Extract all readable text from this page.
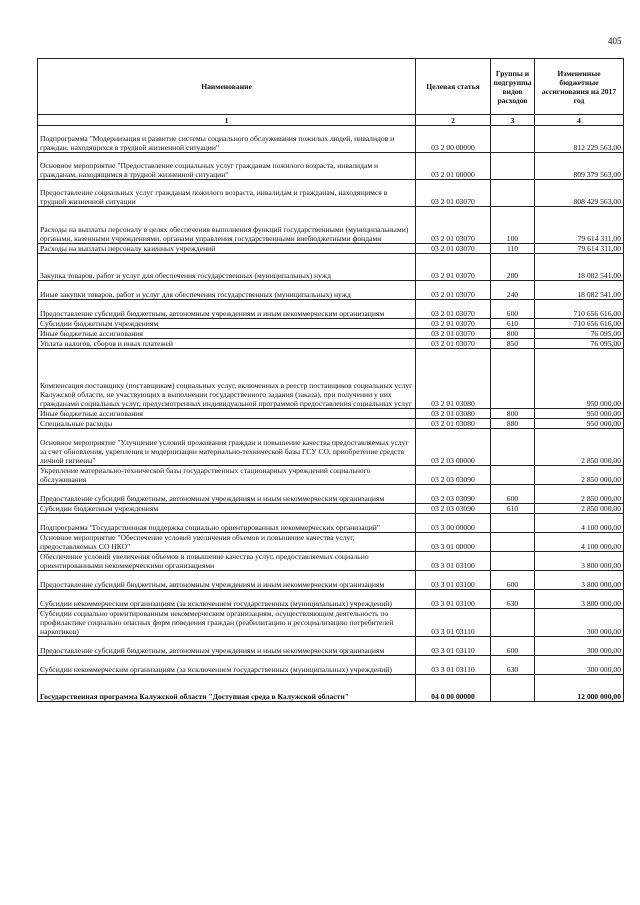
405
Наименование	Целевая статья	Группы и подгруппы видов расходов	Измененные бюджетные ассигнования на 2017 год
1	2	3	4
Подпрограмма "Модернизация и развитие системы социального обслуживания пожилых людей, инвалидов и граждан, находящихся в трудной жизненной ситуации"	03 2 00 00000		812 229 563,00
Основное мероприятие "Предоставление социальных услуг гражданам пожилого возраста, инвалидам и гражданам, находящимся в трудной жизненной ситуации"	03 2 01 00000		809 379 563,00
Предоставление социальных услуг гражданам пожилого возраста, инвалидам и гражданам, находящимся в трудной жизненной ситуации	03 2 01 03070		808 429 563,00
Расходы на выплаты персоналу в целях обеспечения выполнения функций государственными (муниципальными) органами, казенными учреждениями, органами управления государственными внебюджетными фондами	03 2 01 03070	100	79 614 311,00
Расходы на выплаты персоналу казенных учреждений	03 2 01 03070	110	79 614 311,00
Закупка товаров, работ и услуг для обеспечения государственных (муниципальных) нужд	03 2 01 03070	200	18 082 541,00
Иные закупки товаров, работ и услуг для обеспечения государственных (муниципальных) нужд	03 2 01 03070	240	18 082 541,00
Предоставление субсидий бюджетным, автономным учреждениям и иным некоммерческим организациям	03 2 01 03070	600	710 656 616,00
Субсидии бюджетным учреждениям	03 2 01 03070	610	710 656 616,00
Иные бюджетные ассигнования	03 2 01 03070	800	76 095,00
Уплата налогов, сборов и иных платежей	03 2 01 03070	850	76 095,00
Компенсация поставщику (поставщикам) социальных услуг, включенных в реестр поставщиков социальных услуг Калужской области, не участвующих в выполнении государственного задания (заказа), при получении у них гражданами социальных услуг, предусмотренных индивидуальной программой предоставления социальных услуг	03 2 01 03080		950 000,00
Иные бюджетные ассигнования	03 2 01 03080	800	950 000,00
Специальные расходы	03 2 01 03080	880	950 000,00
Основное мероприятие "Улучшение условий проживания граждан и повышение качества предоставляемых услуг за счет обновления, укрепления и модернизации материально-технической базы ГСУ СО, приобретение средств личной гигиены"	03 2 03 00000		2 850 000,00
Укрепление материально-технической базы государственных стационарных учреждений социального обслуживания	03 2 03 03090		2 850 000,00
Предоставление субсидий бюджетным, автономным учреждениям и иным некоммерческим организациям	03 2 03 03090	600	2 850 000,00
Субсидии бюджетным учреждениям	03 2 03 03090	610	2 850 000,00
Подпрограмма "Государственная поддержка социально ориентированных некоммерческих организаций"	03 3 00 00000		4 100 000,00
Основное мероприятие "Обеспечение условий увеличения объемов и повышение качества услуг, предоставляемых СО НКО"	03 3 01 00000		4 100 000,00
Обеспечение условий увеличения объемов и повышение качества услуг, предоставляемых социально ориентированными некоммерческими организациями	03 3 01 03100		3 800 000,00
Предоставление субсидий бюджетным, автономным учреждениям и иным некоммерческим организациям	03 3 01 03100	600	3 800 000,00
Субсидии некоммерческим организациям (за исключением государственных (муниципальных) учреждений)	03 3 01 03100	630	3 800 000,00
Субсидии социально ориентированным некоммерческим организациям, осуществляющим деятельность по профилактике социально опасных форм поведения граждан (реабилитацию и ресоциализацию потребителей наркотиков)	03 3 01 03110		300 000,00
Предоставление субсидий бюджетным, автономным учреждениям и иным некоммерческим организациям	03 3 01 03110	600	300 000,00
Субсидии некоммерческим организациям (за исключением государственных (муниципальных) учреждений)	03 3 01 03110	630	300 000,00
Государственная программа Калужской области "Доступная среда в Калужской области"	04 0 00 00000		12 000 000,00
